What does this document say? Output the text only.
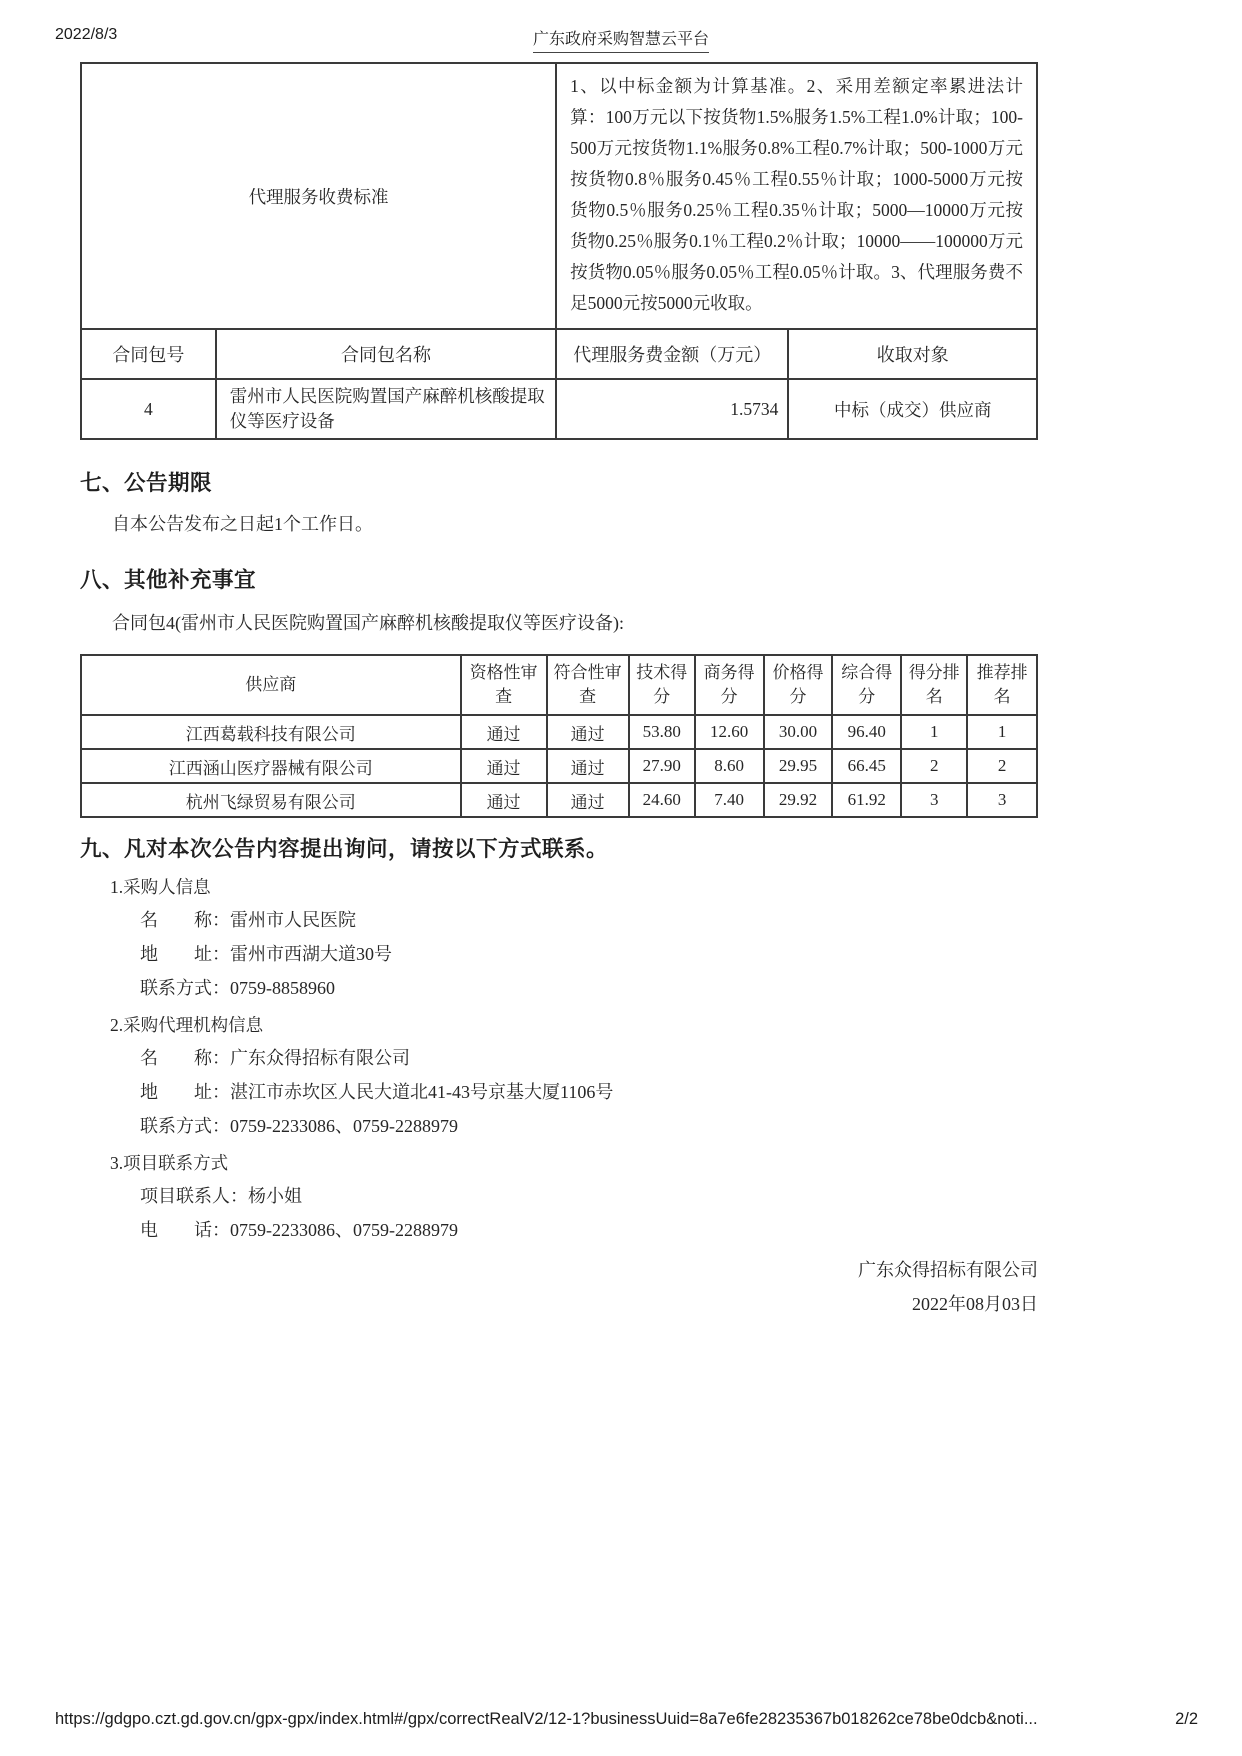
2022/8/3	广东政府采购智慧云平台
代理服务收费标准		1、以中标金额为计算基准。2、采用差额定率累进法计算：100万元以下按货物1.5%服务1.5%工程1.0%计取；100-500万元按货物1.1%服务0.8%工程0.7%计取；500-1000万元按货物0.8％服务0.45％工程0.55％计取；1000-5000万元按货物0.5％服务0.25％工程0.35％计取；5000—10000万元按货物0.25％服务0.1％工程0.2％计取；10000——100000万元按货物0.05％服务0.05％工程0.05％计取。3、代理服务费不足5000元按5000元收取。	
合同包号	合同包名称	代理服务费金额（万元）	收取对象
4	雷州市人民医院购置国产麻醉机核酸提取仪等医疗设备	1.5734	中标（成交）供应商
七、公告期限
自本公告发布之日起1个工作日。
八、其他补充事宜
合同包4(雷州市人民医院购置国产麻醉机核酸提取仪等医疗设备):
供应商	资格性审查	符合性审查	技术得分	商务得分	价格得分	综合得分	得分排名	推荐排名
江西葛载科技有限公司	通过	通过	53.80	12.60	30.00	96.40	1	1
江西涵山医疗器械有限公司	通过	通过	27.90	8.60	29.95	66.45	2	2
杭州飞绿贸易有限公司	通过	通过	24.60	7.40	29.92	61.92	3	3
九、凡对本次公告内容提出询问，请按以下方式联系。
1.采购人信息
名　　称：雷州市人民医院
地　　址：雷州市西湖大道30号
联系方式：0759-8858960
2.采购代理机构信息
名　　称：广东众得招标有限公司
地　　址：湛江市赤坎区人民大道北41-43号京基大厦1106号
联系方式：0759-2233086、0759-2288979
3.项目联系方式
项目联系人：杨小姐
电　　话：0759-2233086、0759-2288979
广东众得招标有限公司
2022年08月03日
https://gdgpo.czt.gd.gov.cn/gpx-gpx/index.html#/gpx/correctRealV2/12-1?businessUuid=8a7e6fe28235367b018262ce78be0dcb&noti...	2/2
